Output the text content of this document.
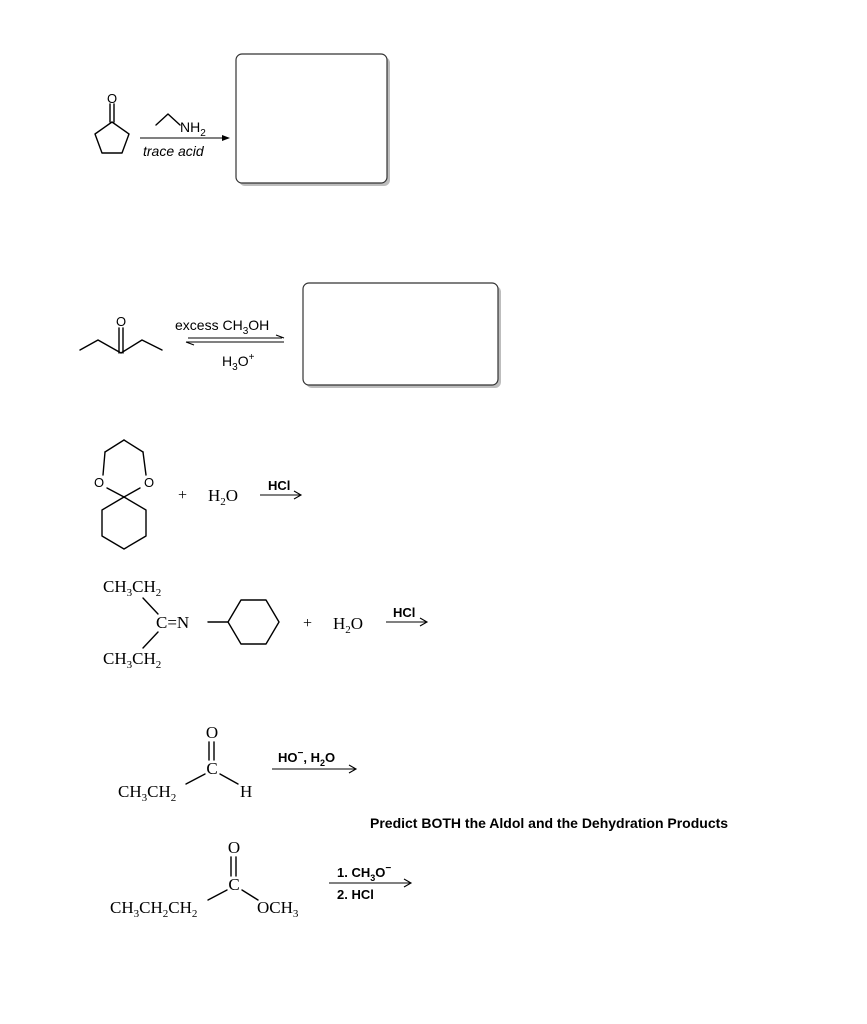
O
$NH_2$
trace acid
O	excess $CH_3OH$
$H_3O^+$
O	O
+ $H_2O$
HCl
$CH_3CH_2$
C=N
$CH_3CH_2$
+ $H_2O$
HCl
O
C
$CH_3CH_2$	H
HO−, $H_2O$
Predict BOTH the Aldol and the Dehydration Products
O
C
$CH_3CH_2CH_2$	$OCH_3$
1. $CH_3O^-$
2. HCl
